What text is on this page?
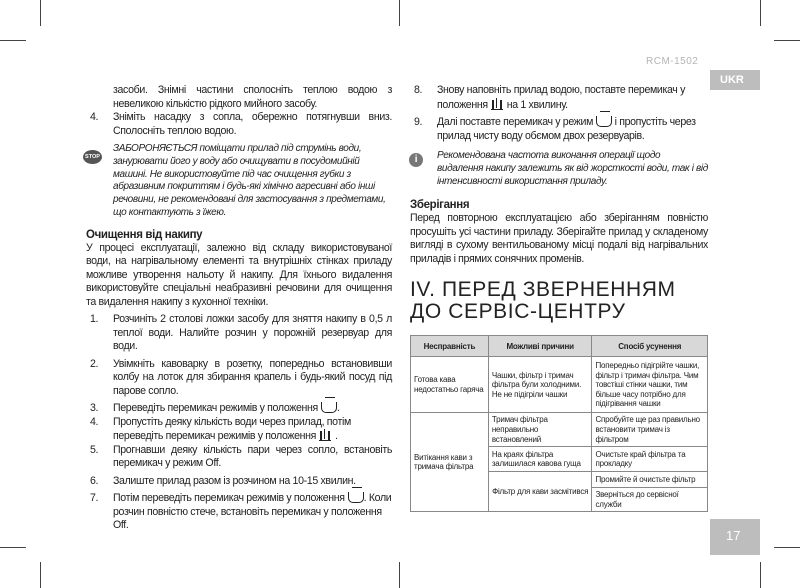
RCM-1502
UKR
17

засоби. Знімні частини сполосніть теплою водою з невеликою кількістю рідкого мийного засобу.

4.	Зніміть насадку з сопла, обережно потягнувши вниз. Сполосніть теплою водою.
STOP
ЗАБОРОНЯЄТЬСЯ поміщати прилад під струмінь води, занурювати його у воду або очищувати в посудомийній машині. Не використовуйте під час очищення губки з абразивним покриттям і будь-які хімічно агресивні або інші речовини, не рекомендовані для застосування з предметами, що контактують з їжею.
Очищення від накипу

У процесі експлуатації, залежно від складу використовуваної води, на нагрівальному елементі та внутрішніх стінках приладу можливе утворення нальоту й накипу. Для їхнього видалення використовуйте спеціальні неабразивні речовини для очищення та видалення накипу з кухонної техніки.

1.	Розчиніть 2 столові ложки засобу для зняття накипу в 0,5 л теплої води. Налийте розчин у порожній резервуар для води.
2.	Увімкніть кавоварку в розетку, попередньо встановивши колбу на лоток для збирання крапель і будь-який посуд під парове сопло.
3.	Переведіть перемикач режимів у положення .
4.	Пропустіть деяку кількість води через прилад, потім переведіть перемикач режимів у положення .
5.	Прогнавши деяку кількість пари через сопло, встановіть перемикач у режим Off.
6.	Залиште прилад разом із розчином на 10-15 хвилин.
7.	Потім переведіть перемикач режимів у положення . Коли розчин повністю стече, встановіть перемикач у положення Off.
8.	Знову наповніть прилад водою, поставте перемикач у положення на 1 хвилину.
9.	Далі поставте перемикач у режим і пропустіть через прилад чисту воду обємом двох резервуарів.
i	Рекомендована частота виконання операції щодо видалення накипу залежить як від жорсткості води, так і від інтенсивності використання приладу.
Зберігання

Перед повторною експлуатацією або зберіганням повністю просушіть усі частини приладу. Зберігайте прилад у складеному вигляді в сухому вентильованому місці подалі від нагрівальних приладів і прямих сонячних променів.

IV. ПЕРЕД ЗВЕРНЕННЯМ ДО СЕРВІС-ЦЕНТРУ
Несправність	Можливі причини	Спосіб усунення
Готова кава недостатньо гаряча	Чашки, фільтр і тримач фільтра були холодними. Не не підігріли чашки	Попередньо підігрійте чашки, фільтр і тримач фільтра. Чим товстіші стінки чашки, тим більше часу потрібно для підігрівання чашки
Витікання кави з тримача фільтра	Тримач фільтра неправильно встановлений	Спробуйте ще раз правильно встановити тримач із фільтром
	На краях фільтра залишилася кавова гуща	Очистьте край фільтра та прокладку
	Фільтр для кави засмітився	Промийте й очистьте фільтр
		Зверніться до сервісної служби
